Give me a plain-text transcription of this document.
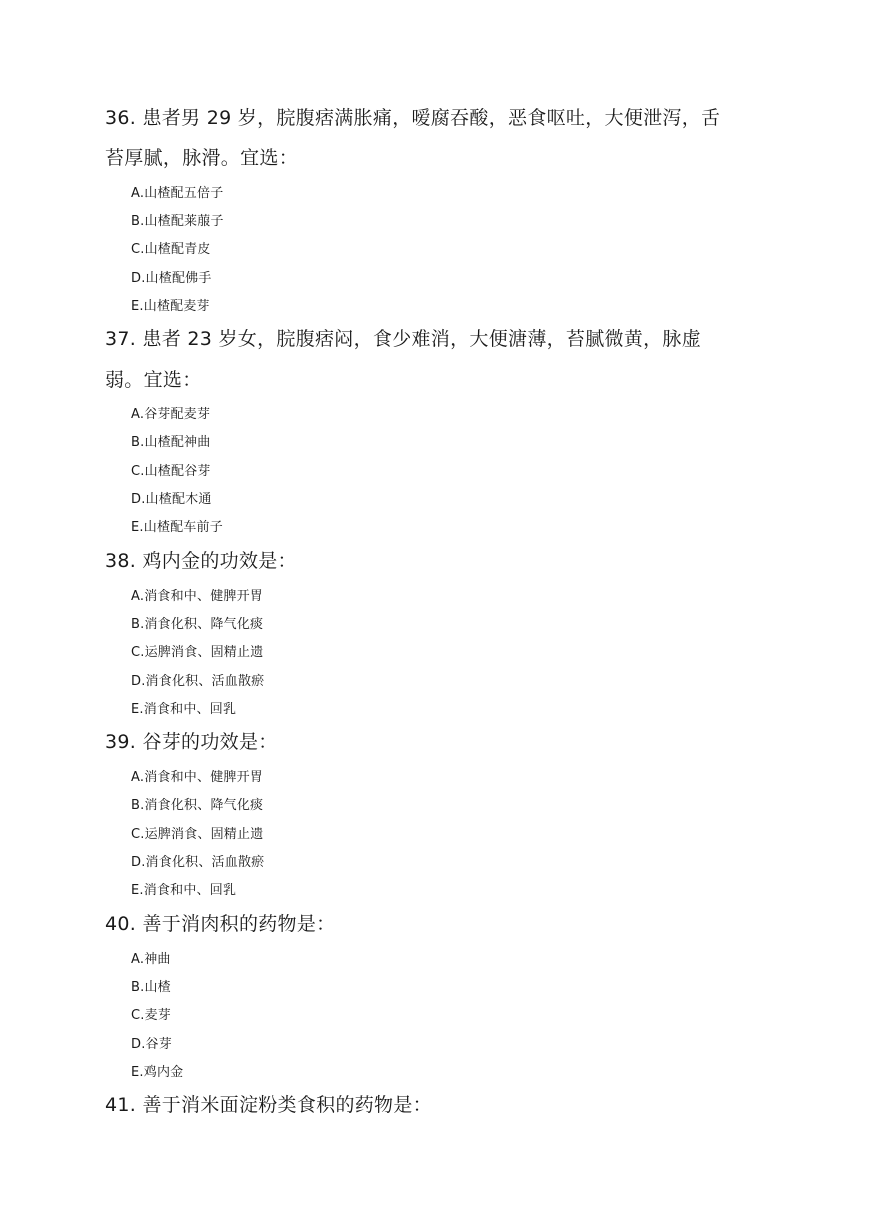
36. 患者男 29 岁，脘腹痞满胀痛，嗳腐吞酸，恶食呕吐，大便泄泻，舌
苔厚腻，脉滑。宜选：
A.山楂配五倍子
B.山楂配莱菔子
C.山楂配青皮
D.山楂配佛手
E.山楂配麦芽
37. 患者 23 岁女，脘腹痞闷，食少难消，大便溏薄，苔腻微黄，脉虚
弱。宜选：
A.谷芽配麦芽
B.山楂配神曲
C.山楂配谷芽
D.山楂配木通
E.山楂配车前子
38. 鸡内金的功效是：
A.消食和中、健脾开胃
B.消食化积、降气化痰
C.运脾消食、固精止遗
D.消食化积、活血散瘀
E.消食和中、回乳
39. 谷芽的功效是：
A.消食和中、健脾开胃
B.消食化积、降气化痰
C.运脾消食、固精止遗
D.消食化积、活血散瘀
E.消食和中、回乳
40. 善于消肉积的药物是：
A.神曲
B.山楂
C.麦芽
D.谷芽
E.鸡内金
41. 善于消米面淀粉类食积的药物是：
